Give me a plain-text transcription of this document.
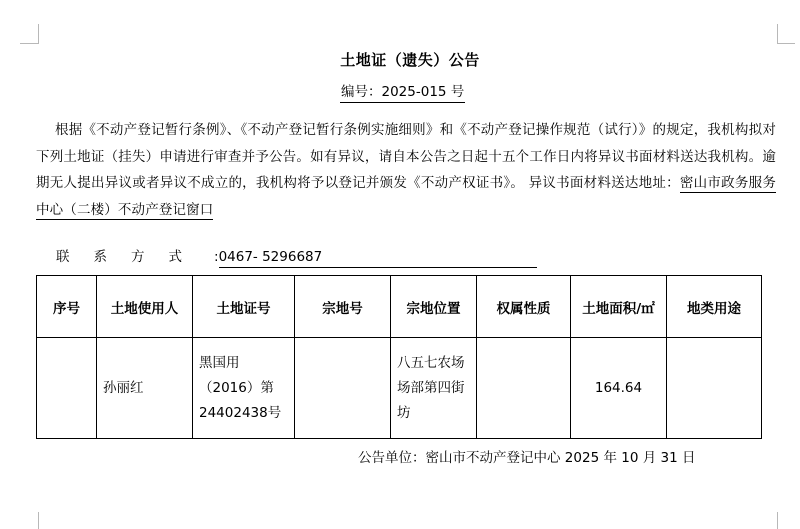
土地证（遗失）公告
编号：2025-015 号
根据《不动产登记暂行条例》、《不动产登记暂行条例实施细则》和《不动产登记操作规范（试行）》的规定，我机构拟对下列土地证（挂失）申请进行审查并予公告。如有异议，请自本公告之日起十五个工作日内将异议书面材料送达我机构。逾期无人提出异议或者异议不成立的，我机构将予以登记并颁发《不动产权证书》。 异议书面材料送达地址：密山市政务服务中心（二楼）不动产登记窗口
联系方式 : 0467- 5296687
序号	土地使用人	土地证号	宗地号	宗地位置	权属性质	土地面积/㎡	地类用途
	孙丽红	黑国用（2016）第24402438号		八五七农场场部第四街坊		164.64	
公告单位：密山市不动产登记中心 2025 年 10 月 31 日
